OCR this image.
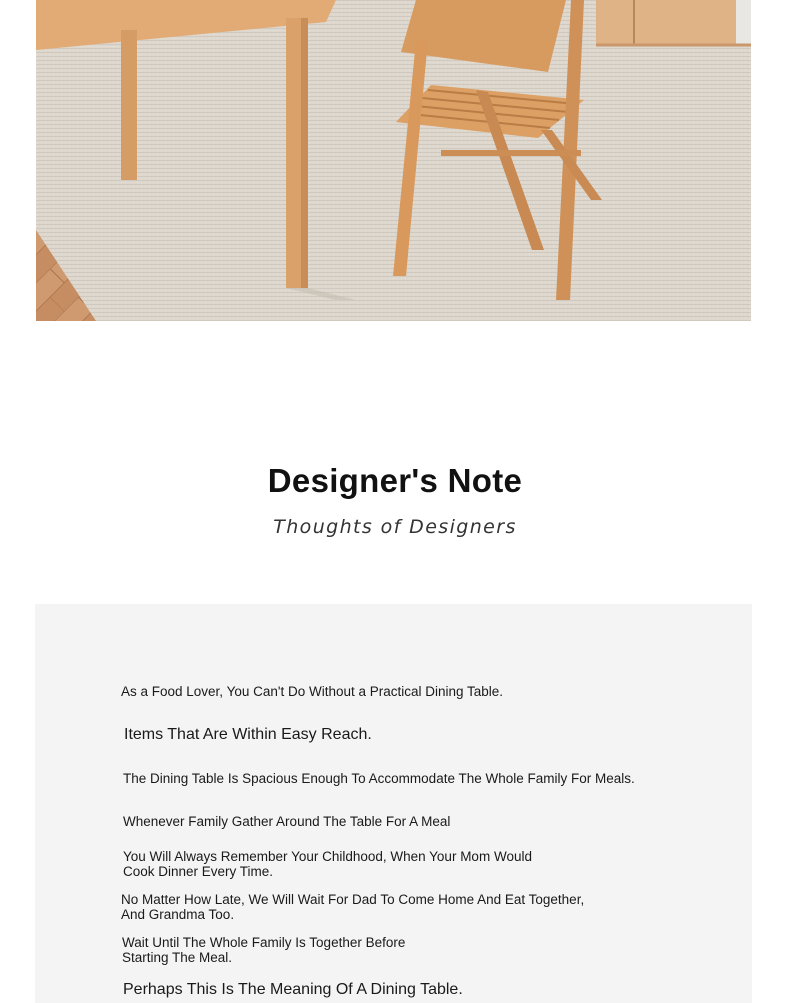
Designer's Note
Thoughts of Designers
As a Food Lover, You Can't Do Without a Practical Dining Table.
Items That Are Within Easy Reach.
The Dining Table Is Spacious Enough To Accommodate The Whole Family For Meals.
Whenever Family Gather Around The Table For A Meal
You Will Always Remember Your Childhood, When Your Mom Would
Cook Dinner Every Time.
No Matter How Late, We Will Wait For Dad To Come Home And Eat Together,
And Grandma Too.
Wait Until The Whole Family Is Together Before
Starting The Meal.
Perhaps This Is The Meaning Of A Dining Table.
